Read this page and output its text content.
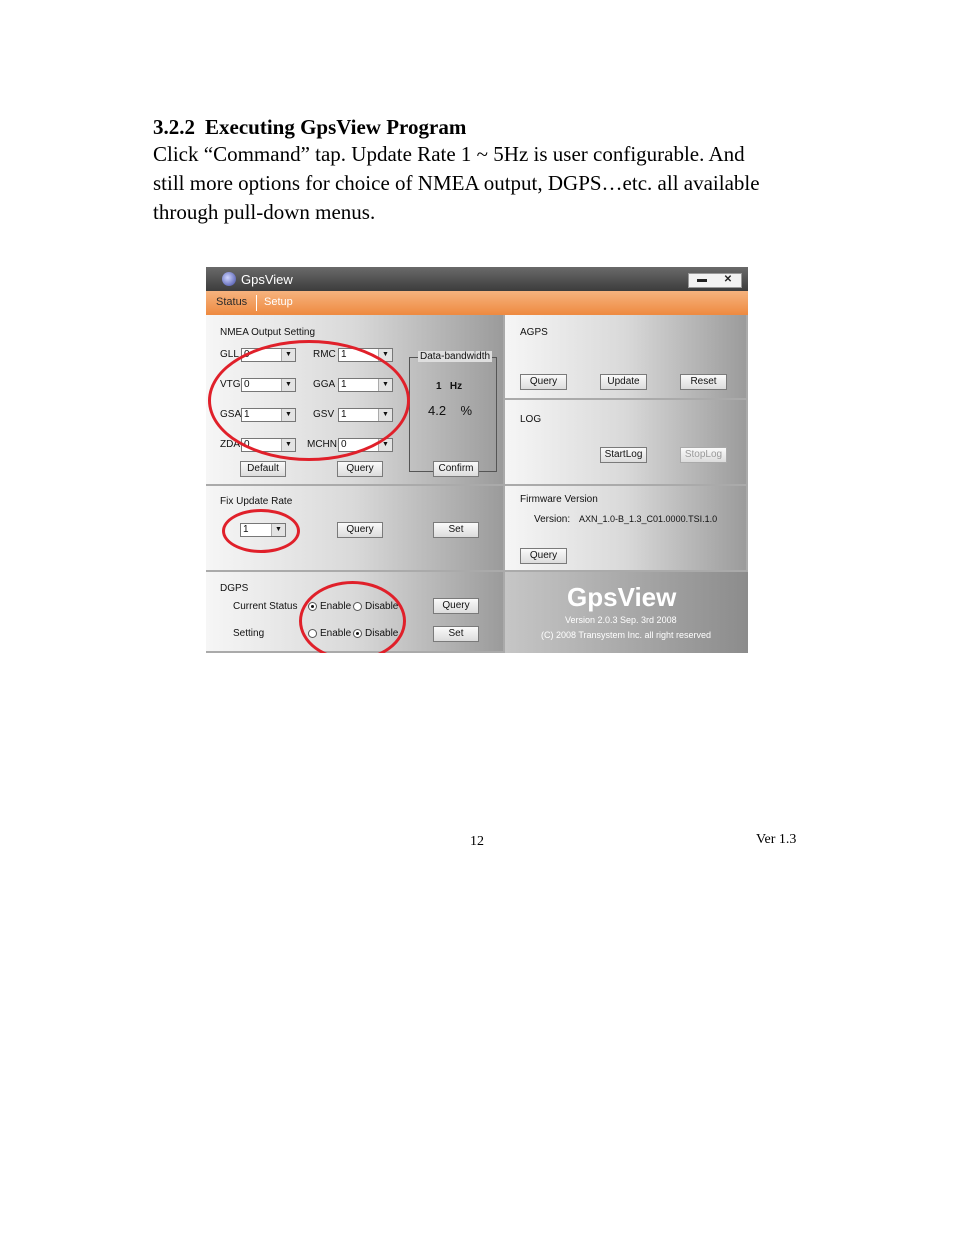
3.2.2 Executing GpsView Program
Click “Command” tap. Update Rate 1 ~ 5Hz is user configurable. And
still more options for choice of NMEA output, DGPS…etc. all available
through pull-down menus.
GpsView	▬	✕
Status Setup
NMEA Output Setting
GLL 0	▼	RMC 1	▼
VTG 0	▼	GGA 1	▼
GSA 1	▼	GSV 1	▼
ZDA 0	▼	MCHN 0	▼
Data-bandwidth
1   Hz
4.2    %
Default	Query	Confirm
Fix Update Rate
1	▼	Query	Set
DGPS
Current Status Enable Disable	Query
Setting	Enable Disable	Set
AGPS
Query	Update	Reset
LOG
StartLog	StopLog
Firmware Version
Version: AXN_1.0-B_1.3_C01.0000.TSI.1.0
Query
GpsView
Version 2.0.3 Sep. 3rd 2008
(C) 2008 Transystem Inc. all right reserved
12	Ver 1.3
